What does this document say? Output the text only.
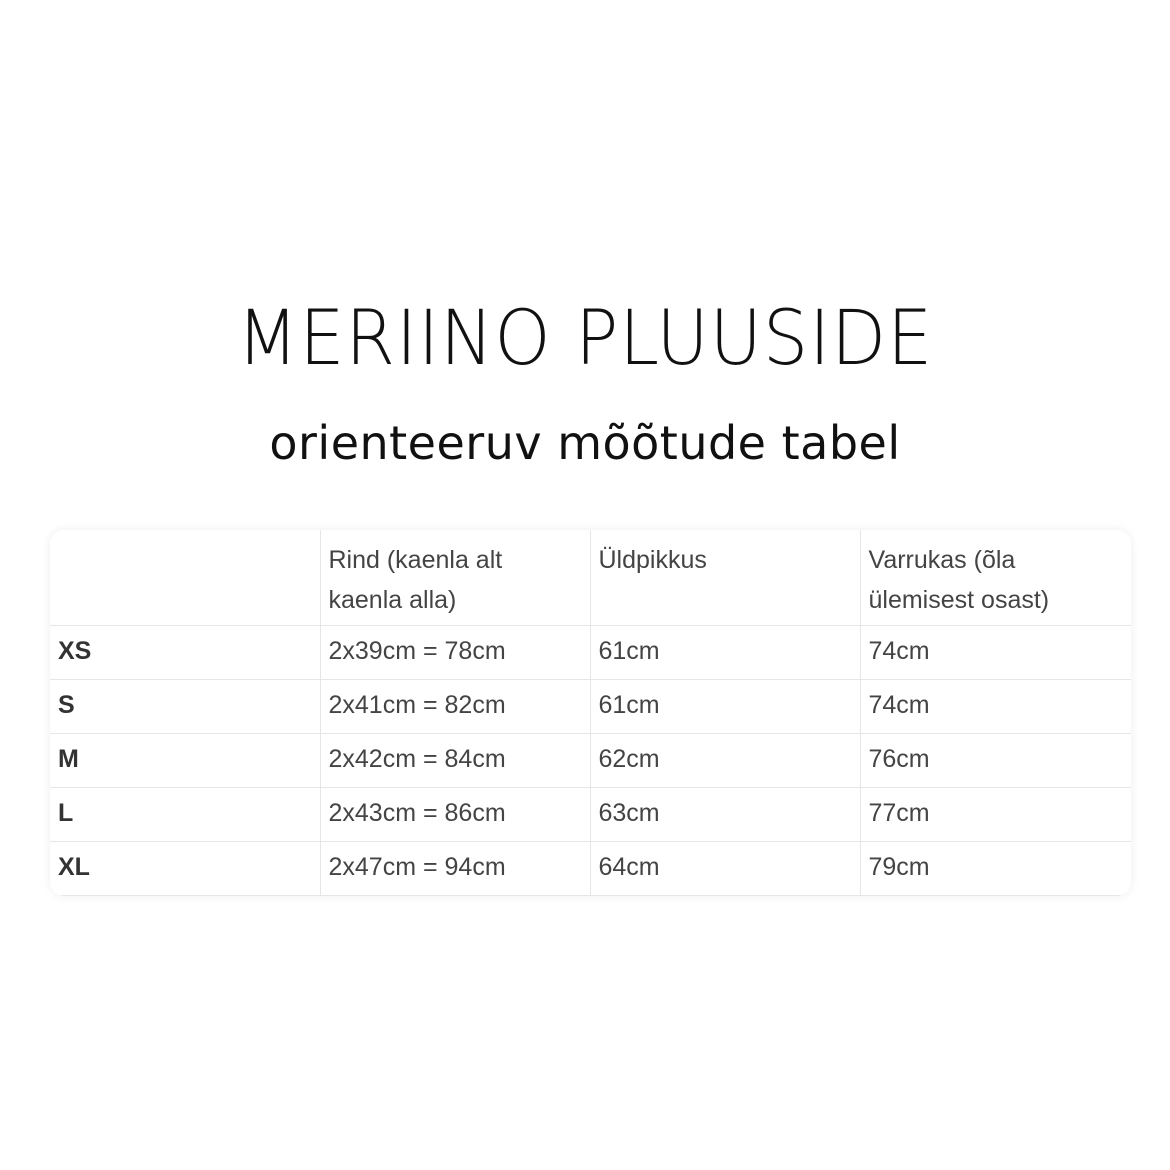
MERIINO PLUUSIDE
orienteeruv mõõtude tabel
	Rind (kaenla alt kaenla alla)	Üldpikkus	Varrukas (õla ülemisest osast)
XS	2x39cm = 78cm	61cm	74cm
S	2x41cm = 82cm	61cm	74cm
M	2x42cm = 84cm	62cm	76cm
L	2x43cm = 86cm	63cm	77cm
XL	2x47cm = 94cm	64cm	79cm
